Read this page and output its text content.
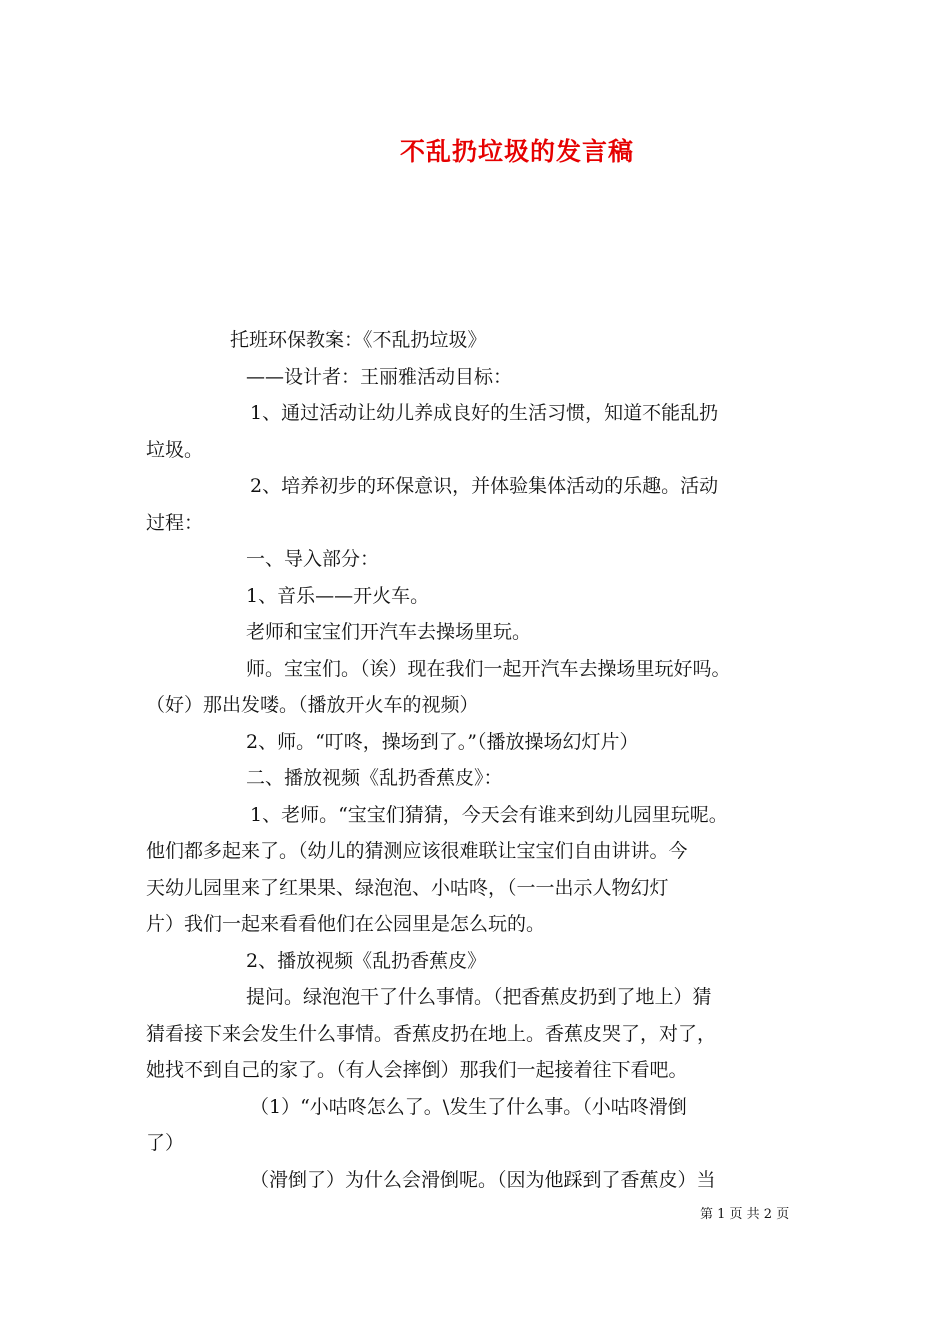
不乱扔垃圾的发言稿

托班环保教案：《不乱扔垃圾》

——设计者：王丽雅活动目标：

1、通过活动让幼儿养成良好的生活习惯，知道不能乱扔

垃圾。

2、培养初步的环保意识，并体验集体活动的乐趣。活动

过程：

一、导入部分：

1、音乐——开火车。

老师和宝宝们开汽车去操场里玩。

师。宝宝们。（诶）现在我们一起开汽车去操场里玩好吗。

（好）那出发喽。（播放开火车的视频）

2、师。“叮咚，操场到了。”（播放操场幻灯片）

二、播放视频《乱扔香蕉皮》：

1、老师。“宝宝们猜猜，今天会有谁来到幼儿园里玩呢。

他们都多起来了。（幼儿的猜测应该很难联让宝宝们自由讲讲。今

天幼儿园里来了红果果、绿泡泡、小咕咚，（一一出示人物幻灯

片）我们一起来看看他们在公园里是怎么玩的。

2、播放视频《乱扔香蕉皮》

提问。绿泡泡干了什么事情。（把香蕉皮扔到了地上）猜

猜看接下来会发生什么事情。香蕉皮扔在地上。香蕉皮哭了，对了，

她找不到自己的家了。（有人会摔倒）那我们一起接着往下看吧。

（1）“小咕咚怎么了。\发生了什么事。（小咕咚滑倒

了）

（滑倒了）为什么会滑倒呢。（因为他踩到了香蕉皮）当

第 1 页 共 2 页
